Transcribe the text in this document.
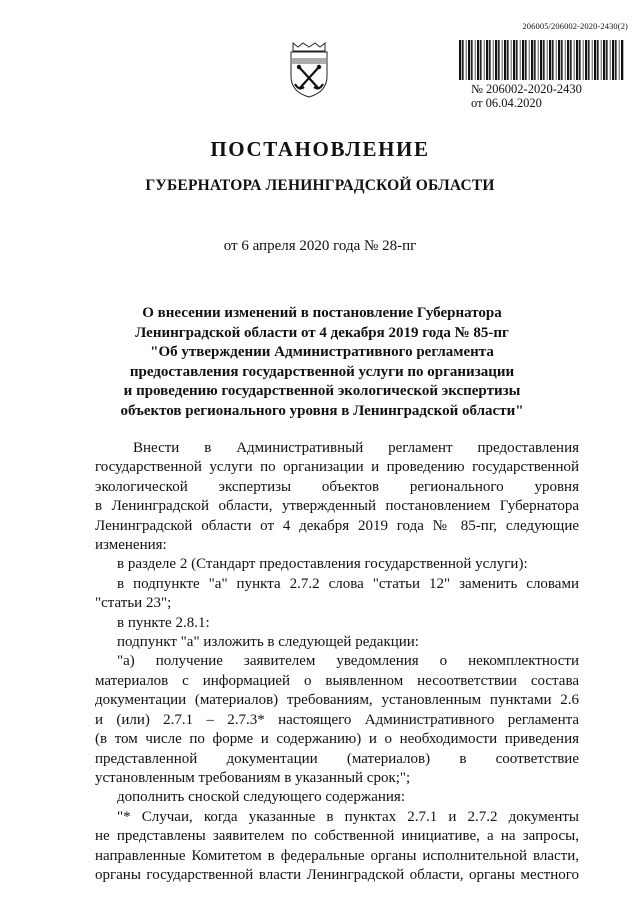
206005/206002-2020-2430(2)
№ 206002-2020-2430
от 06.04.2020
ПОСТАНОВЛЕНИЕ
ГУБЕРНАТОРА ЛЕНИНГРАДСКОЙ ОБЛАСТИ
от 6 апреля 2020 года № 28-пг
О внесении изменений в постановление Губернатора
Ленинградской области от 4 декабря 2019 года № 85-пг
"Об утверждении Административного регламента
предоставления государственной услуги по организации
и проведению государственной экологической экспертизы
объектов регионального уровня в Ленинградской области"
Внести в Административный регламент предоставления
государственной услуги по организации и проведению государственной
экологической экспертизы объектов регионального уровня
в Ленинградской области, утвержденный постановлением Губернатора
Ленинградской области от 4 декабря 2019 года № 85-пг, следующие
изменения:
в разделе 2 (Стандарт предоставления государственной услуги):
в подпункте "а" пункта 2.7.2 слова "статьи 12" заменить словами
"статьи 23";
в пункте 2.8.1:
подпункт "а" изложить в следующей редакции:
"а) получение заявителем уведомления о некомплектности
материалов с информацией о выявленном несоответствии состава
документации (материалов) требованиям, установленным пунктами 2.6
и (или) 2.7.1 – 2.7.3* настоящего Административного регламента
(в том числе по форме и содержанию) и о необходимости приведения
представленной документации (материалов) в соответствие
установленным требованиям в указанный срок;";
дополнить сноской следующего содержания:
"* Случаи, когда указанные в пунктах 2.7.1 и 2.7.2 документы
не представлены заявителем по собственной инициативе, а на запросы,
направленные Комитетом в федеральные органы исполнительной власти,
органы государственной власти Ленинградской области, органы местного
